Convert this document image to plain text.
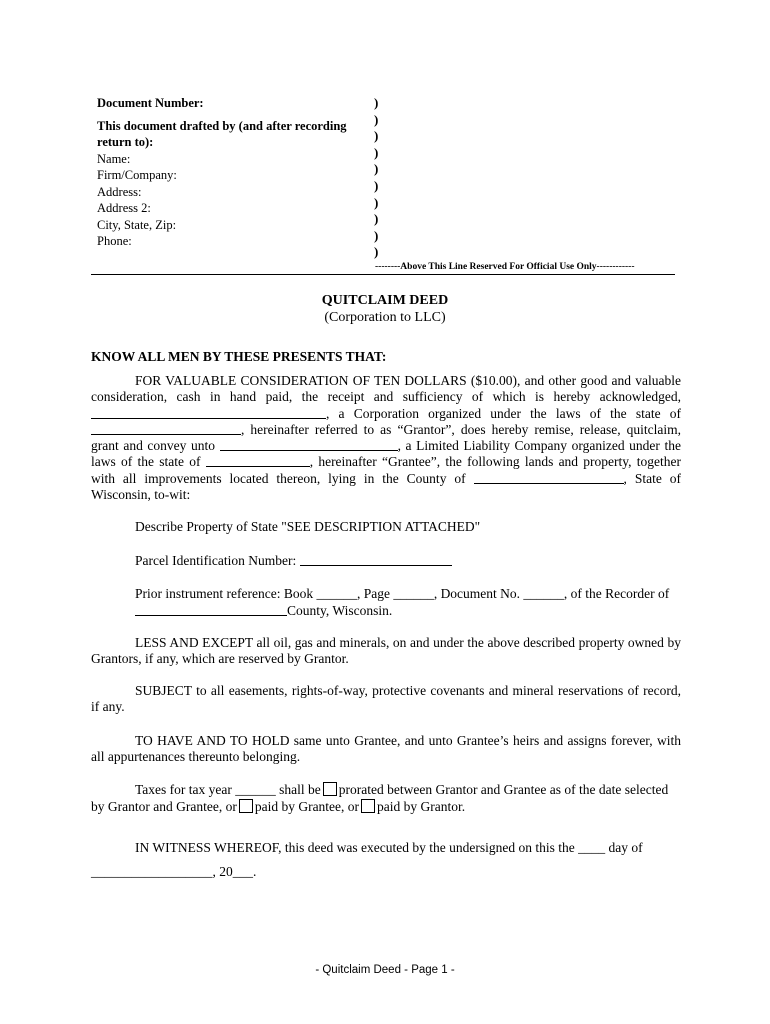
Document Number:
This document drafted by (and after recording
return to):
Name:
Firm/Company:
Address:
Address 2:
City, State, Zip:
Phone:
)
)
)
)
)
)
)
)
)
)
--------Above This Line Reserved For Official Use Only------------
QUITCLAIM DEED
(Corporation to LLC)
KNOW ALL MEN BY THESE PRESENTS THAT:
FOR VALUABLE CONSIDERATION OF TEN DOLLARS ($10.00), and other good and valuable consideration, cash in hand paid, the receipt and sufficiency of which is hereby acknowledged, , a Corporation organized under the laws of the state of , hereinafter referred to as “Grantor”, does hereby remise, release, quitclaim, grant and convey unto	, a Limited Liability Company organized under the laws of the state of	, hereinafter “Grantee”, the following lands and property, together with all improvements located thereon, lying in the County of	, State of Wisconsin, to-wit:
Describe Property of State "SEE DESCRIPTION ATTACHED"
Parcel Identification Number:
Prior instrument reference: Book ______, Page ______, Document No. ______, of the Recorder of
County, Wisconsin.
LESS AND EXCEPT all oil, gas and minerals, on and under the above described property owned by Grantors, if any, which are reserved by Grantor.
SUBJECT to all easements, rights-of-way, protective covenants and mineral reservations of record, if any.
TO HAVE AND TO HOLD same unto Grantee, and unto Grantee’s heirs and assigns forever, with all appurtenances thereunto belonging.
Taxes for tax year ______ shall be prorated between Grantor and Grantee as of the date selected
by Grantor and Grantee, or paid by Grantee, or paid by Grantor.
IN WITNESS WHEREOF, this deed was executed by the undersigned on this the ____ day of
__________________, 20___.
- Quitclaim Deed - Page 1 -
